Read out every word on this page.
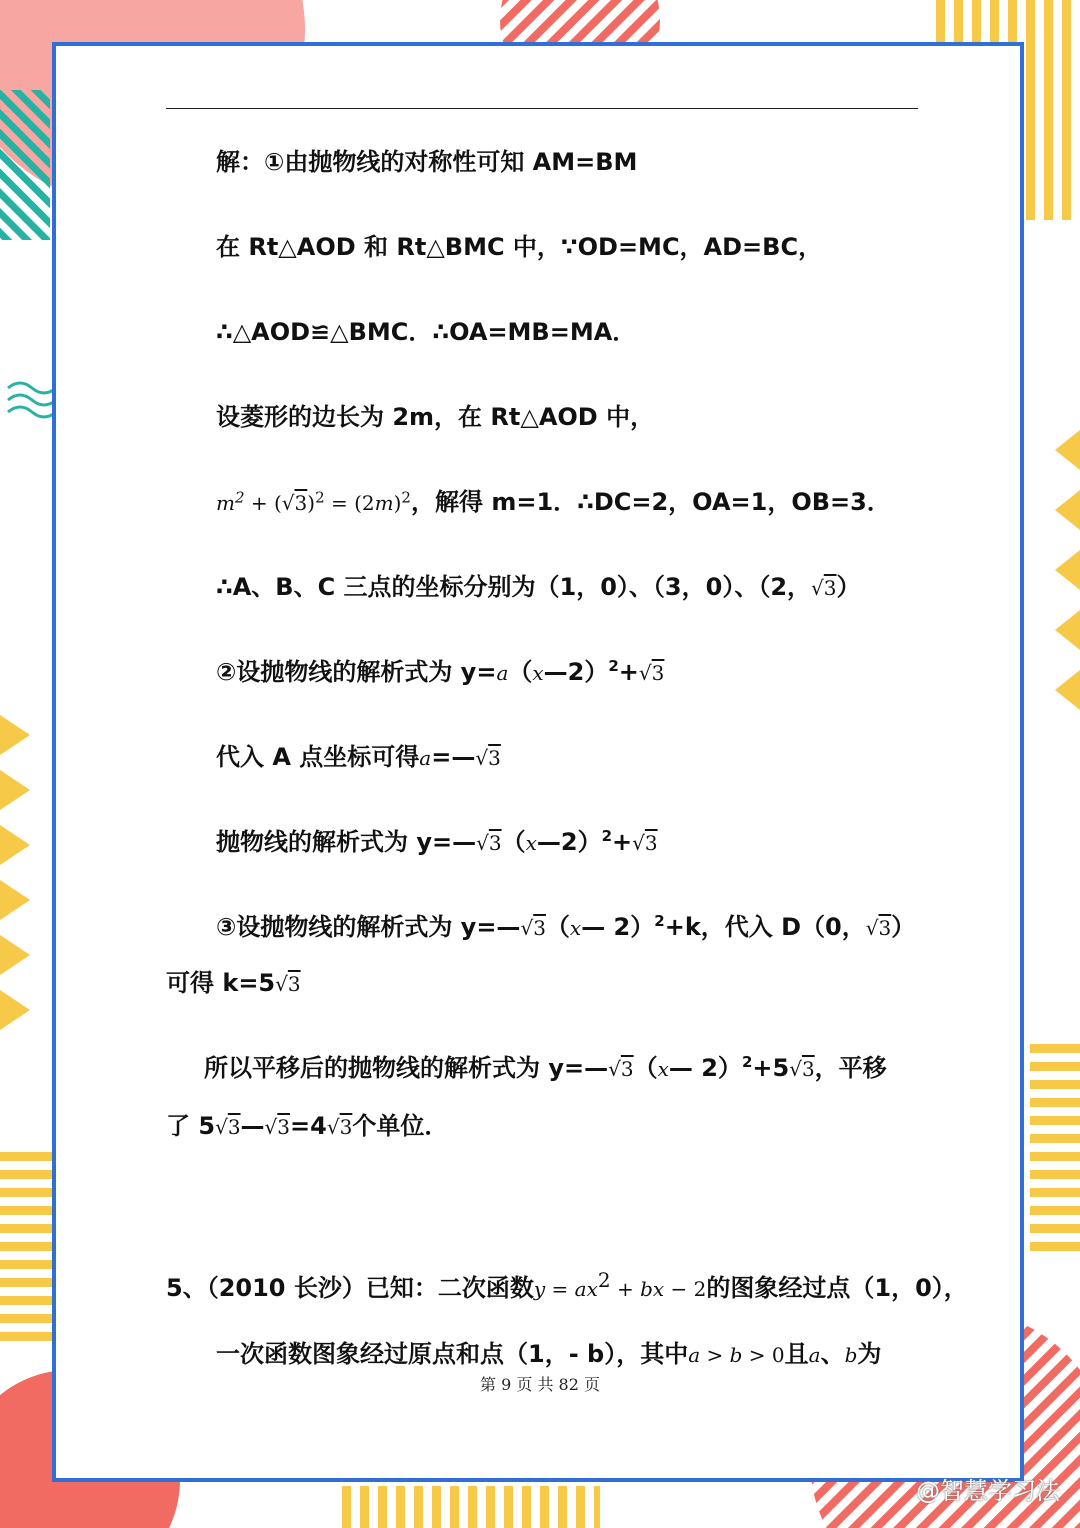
解：①由抛物线的对称性可知 AM=BM
在 Rt△AOD 和 Rt△BMC 中，∵OD=MC，AD=BC，
∴△AOD≌△BMC．∴OA=MB=MA．
设菱形的边长为 2m，在 Rt△AOD 中，
$m^2 + (√3)^2 = (2m)^2$，解得 m=1．∴DC=2，OA=1，OB=3．
∴A、B、C 三点的坐标分别为（1，0）、（3，0）、（2，√3）
②设抛物线的解析式为 y=a（x—2）$^2$+√3
代入 A 点坐标可得a=—√3
抛物线的解析式为 y=—√3（x—2）$^2$+√3
③设抛物线的解析式为 y=—√3（x— 2）$^2$+k，代入 D（0，√3）
可得 k=5√3
所以平移后的抛物线的解析式为 y=—√3（x— 2）$^2$+5√3，平移
了 5√3—√3=4√3个单位．
5、（2010 长沙）已知：二次函数$y = ax^2$ + bx − 2的图象经过点（1，0），
一次函数图象经过原点和点（1，- b），其中a > b > 0且a、b为
第 9 页 共 82 页
@智慧学习法
